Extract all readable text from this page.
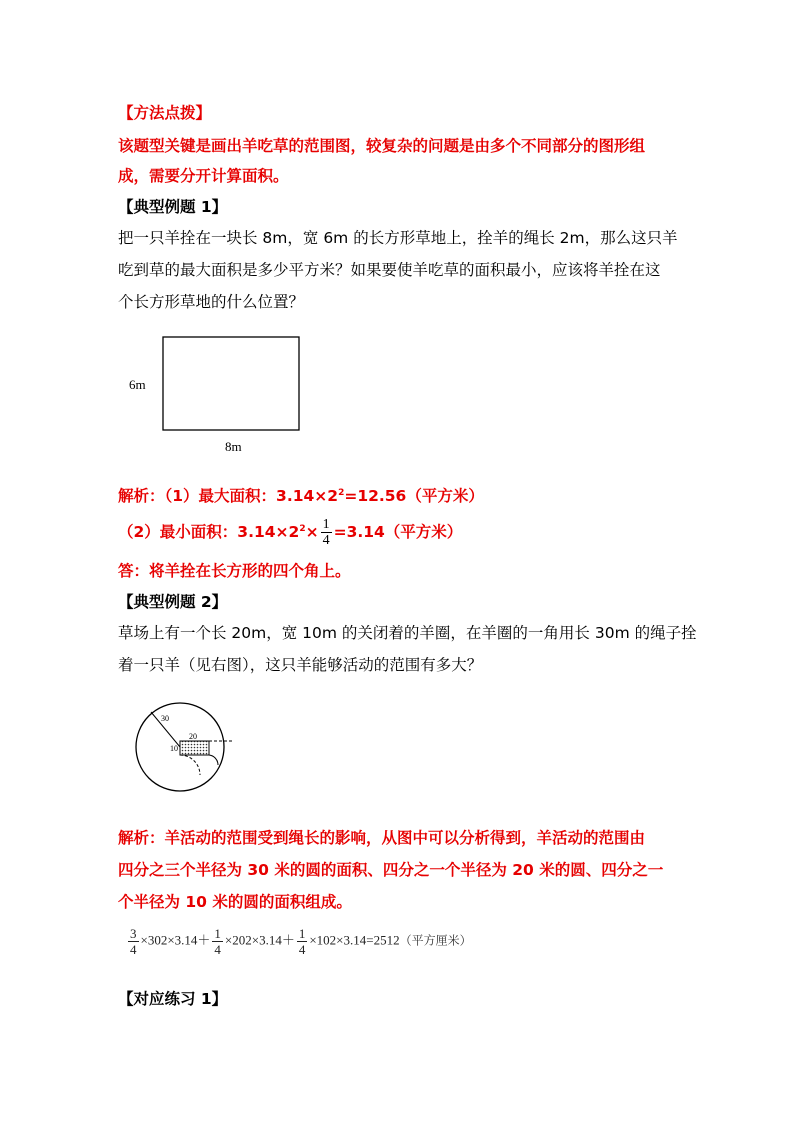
【方法点拨】
该题型关键是画出羊吃草的范围图，较复杂的问题是由多个不同部分的图形组
成，需要分开计算面积。
【典型例题 1】
把一只羊拴在一块长 8m，宽 6m 的长方形草地上，拴羊的绳长 2m，那么这只羊
吃到草的最大面积是多少平方米？如果要使羊吃草的面积最小，应该将羊拴在这
个长方形草地的什么位置？
6m
8m
解析：（1）最大面积：$3.14\times 2^2=12.56$（平方米）
（2）最小面积：$3.14\times 2^2\times \frac{1}{4} =3.14$（平方米）
答：将羊拴在长方形的四个角上。
【典型例题 2】
草场上有一个长 20m，宽 10m 的关闭着的羊圈，在羊圈的一角用长 30m 的绳子拴
着一只羊（见右图），这只羊能够活动的范围有多大？
30
20
10
解析：羊活动的范围受到绳长的影响，从图中可以分析得到，羊活动的范围由
四分之三个半径为 30 米的圆的面积、四分之一个半径为 20 米的圆、四分之一
个半径为 10 米的圆的面积组成。
$\frac{3}{4} \times 302\times 3.14+ \frac{1}{4} \times 202\times 3.14+ \frac{1}{4} \times 102\times 3.14=2512$（平方厘米）
【对应练习 1】
